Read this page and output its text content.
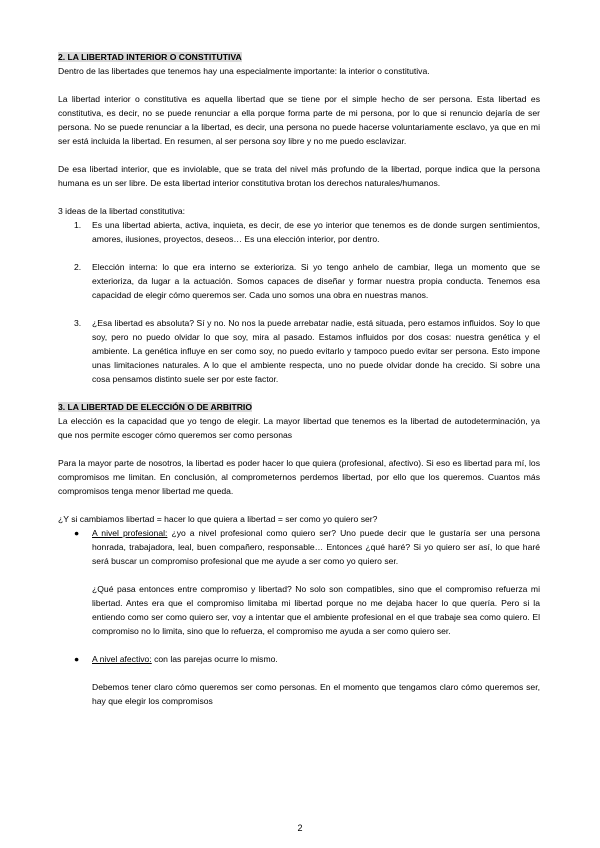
2. LA LIBERTAD INTERIOR O CONSTITUTIVA

Dentro de las libertades que tenemos hay una especialmente importante: la interior o constitutiva.

La libertad interior o constitutiva es aquella libertad que se tiene por el simple hecho de ser persona. Esta libertad es constitutiva, es decir, no se puede renunciar a ella porque forma parte de mi persona, por lo que si renuncio dejaría de ser persona. No se puede renunciar a la libertad, es decir, una persona no puede hacerse voluntariamente esclavo, ya que en mi ser está incluida la libertad. En resumen, al ser persona soy libre y no me puedo esclavizar.

De esa libertad interior, que es inviolable, que se trata del nivel más profundo de la libertad, porque indica que la persona humana es un ser libre. De esta libertad interior constitutiva brotan los derechos naturales/humanos.

3 ideas de la libertad constitutiva:

1. Es una libertad abierta, activa, inquieta, es decir, de ese yo interior que tenemos es de donde surgen sentimientos, amores, ilusiones, proyectos, deseos… Es una elección interior, por dentro.
2. Elección interna: lo que era interno se exterioriza. Si yo tengo anhelo de cambiar, llega un momento que se exterioriza, da lugar a la actuación. Somos capaces de diseñar y formar nuestra propia conducta. Tenemos esa capacidad de elegir cómo queremos ser. Cada uno somos una obra en nuestras manos.
3. ¿Esa libertad es absoluta? Sí y no. No nos la puede arrebatar nadie, está situada, pero estamos influidos. Soy lo que soy, pero no puedo olvidar lo que soy, mira al pasado. Estamos influidos por dos cosas: nuestra genética y el ambiente. La genética influye en ser como soy, no puedo evitarlo y tampoco puedo evitar ser persona. Esto impone unas limitaciones naturales. A lo que el ambiente respecta, uno no puede olvidar donde ha crecido. Si sobre una cosa pensamos distinto suele ser por este factor.

3. LA LIBERTAD DE ELECCIÓN O DE ARBITRIO

La elección es la capacidad que yo tengo de elegir. La mayor libertad que tenemos es la libertad de autodeterminación, ya que nos permite escoger cómo queremos ser como personas

Para la mayor parte de nosotros, la libertad es poder hacer lo que quiera (profesional, afectivo). Si eso es libertad para mí, los compromisos me limitan. En conclusión, al comprometernos perdemos libertad, por ello que los queremos. Cuantos más compromisos tenga menor libertad me queda.

¿Y si cambiamos libertad = hacer lo que quiera a libertad = ser como yo quiero ser?

● A nivel profesional: ¿yo a nivel profesional como quiero ser? Uno puede decir que le gustaría ser una persona honrada, trabajadora, leal, buen compañero, responsable… Entonces ¿qué haré? Si yo quiero ser así, lo que haré será buscar un compromiso profesional que me ayude a ser como yo quiero ser.

¿Qué pasa entonces entre compromiso y libertad? No solo son compatibles, sino que el compromiso refuerza mi libertad. Antes era que el compromiso limitaba mi libertad porque no me dejaba hacer lo que quería. Pero si la entiendo como ser como quiero ser, voy a intentar que el ambiente profesional en el que trabaje sea como quiero. El compromiso no lo limita, sino que lo refuerza, el compromiso me ayuda a ser como quiero ser.

● A nivel afectivo: con las parejas ocurre lo mismo.

Debemos tener claro cómo queremos ser como personas. En el momento que tengamos claro cómo queremos ser, hay que elegir los compromisos

2
